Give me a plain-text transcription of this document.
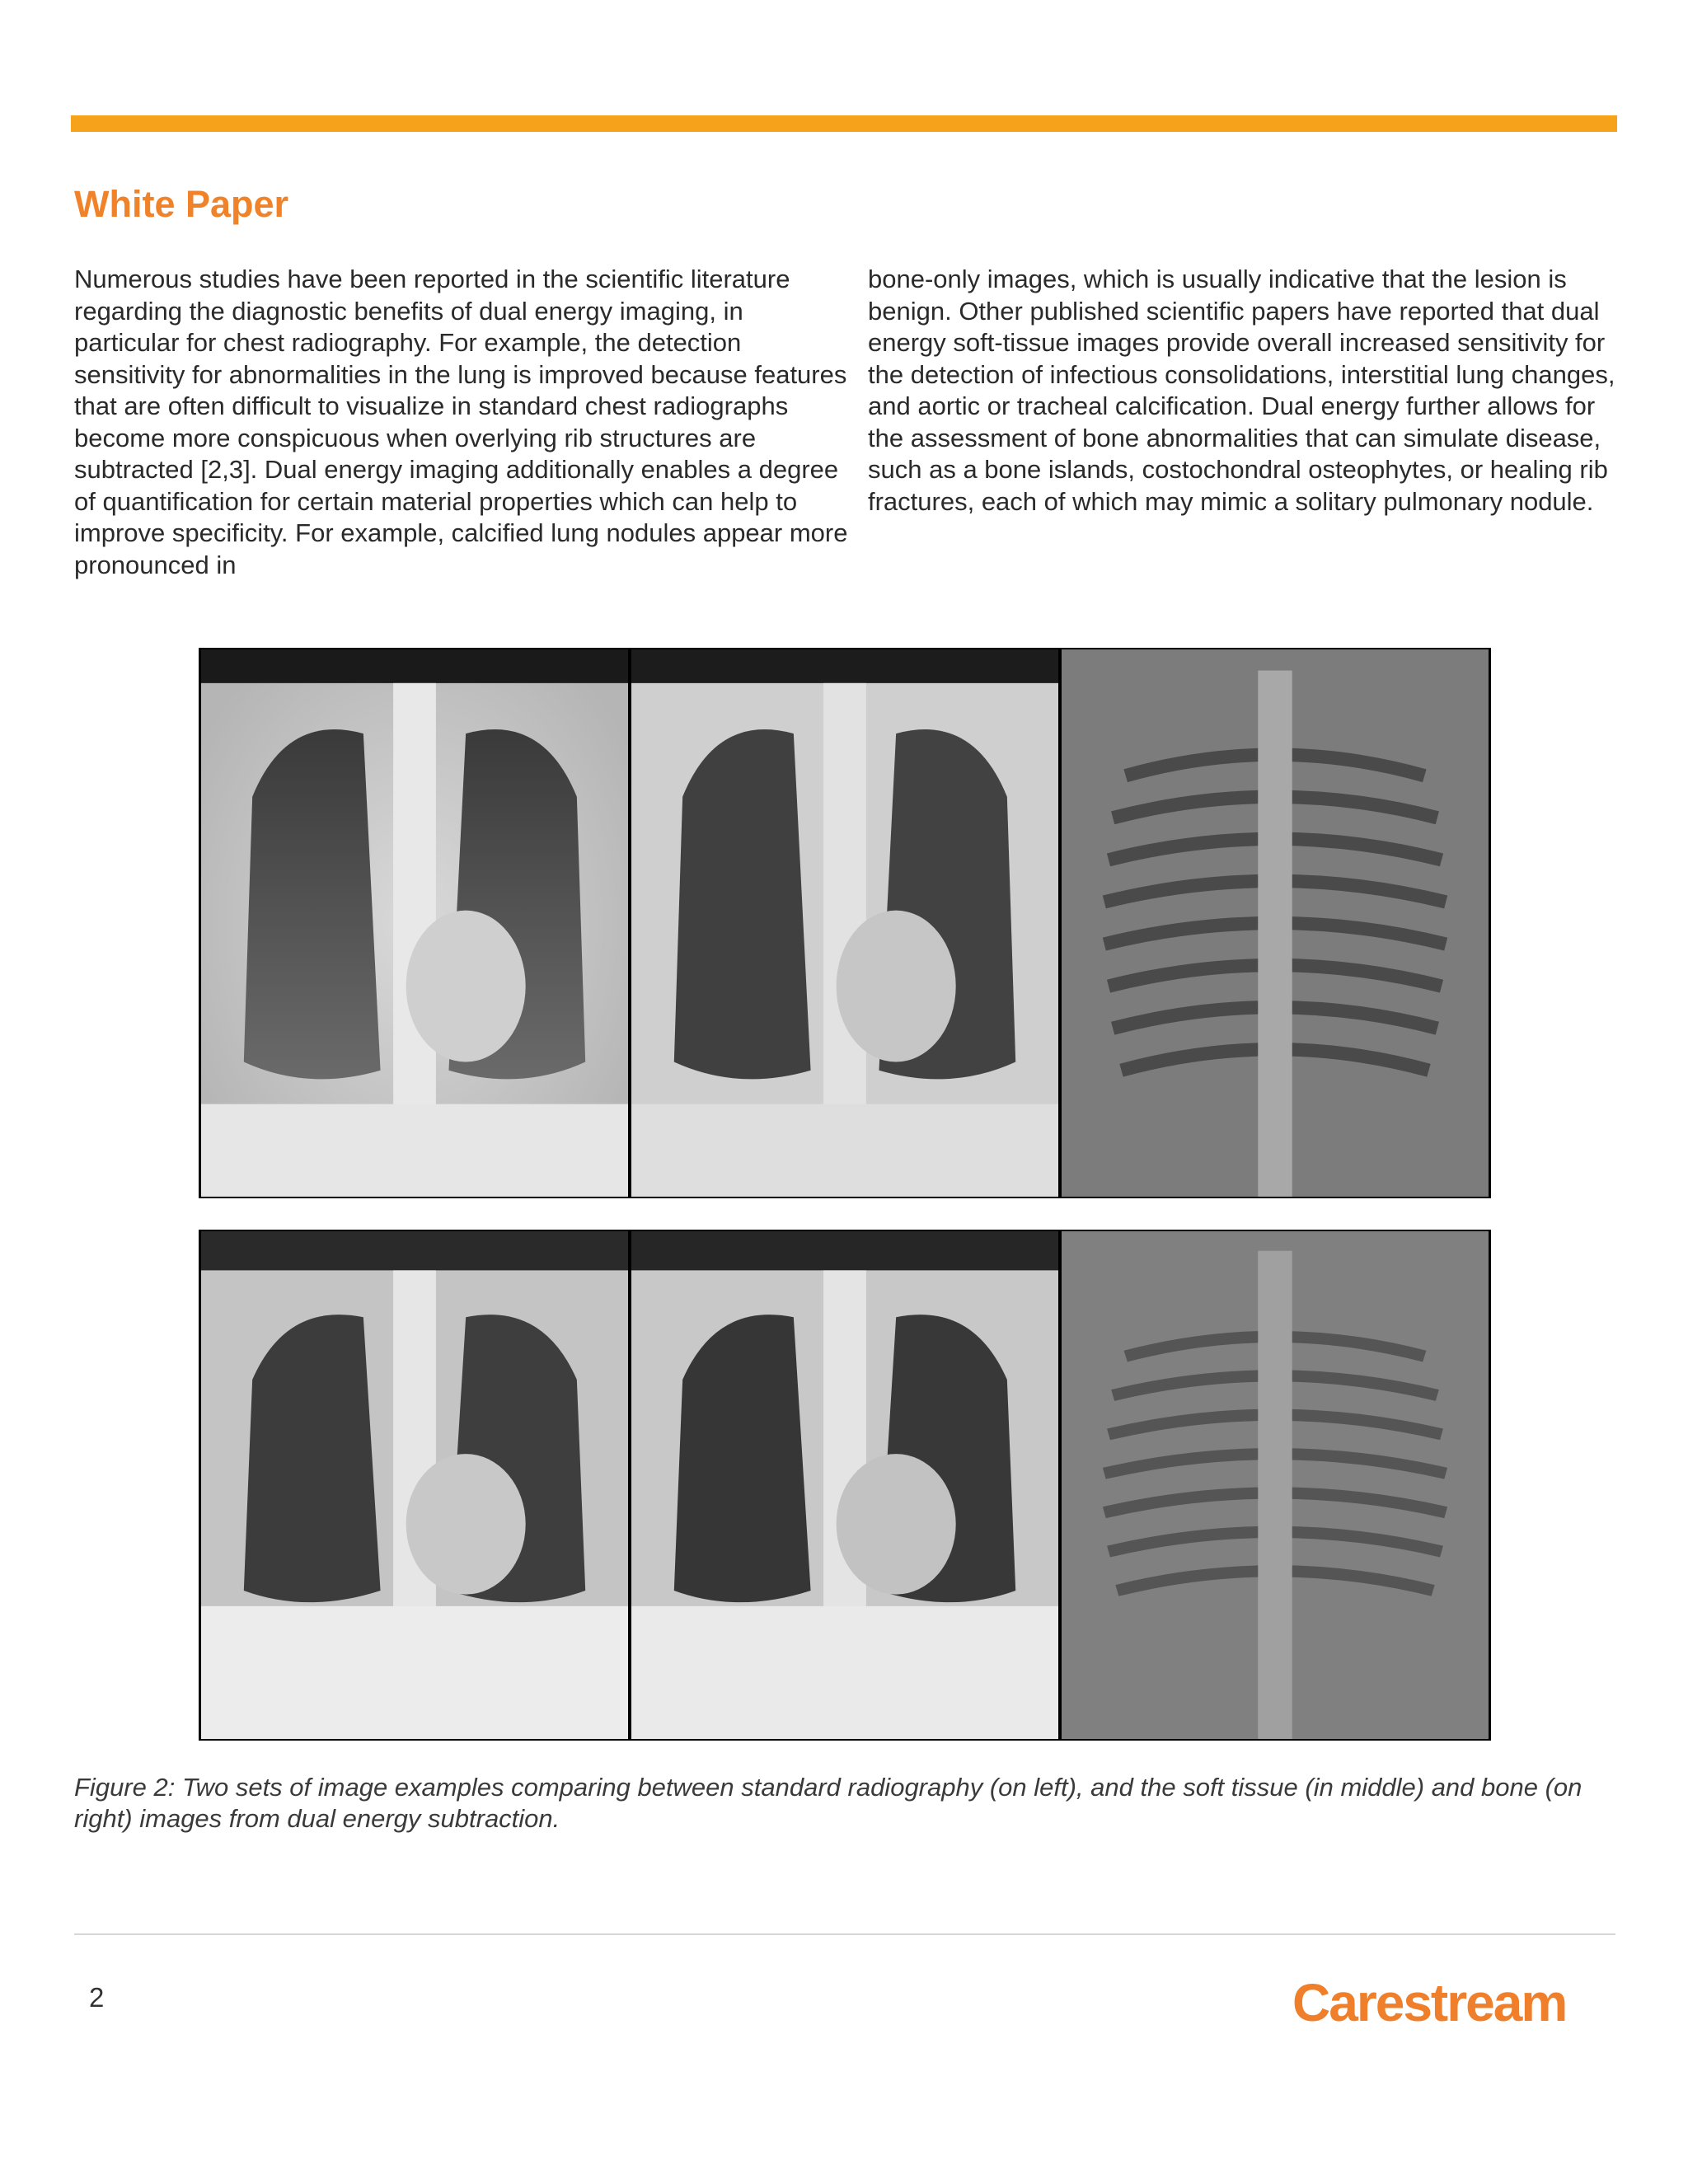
White Paper

Numerous studies have been reported in the scientific literature regarding the diagnostic benefits of dual energy imaging, in particular for chest radiography. For example, the detection sensitivity for abnormalities in the lung is improved because features that are often difficult to visualize in standard chest radiographs become more conspicuous when overlying rib structures are subtracted [2,3]. Dual energy imaging additionally enables a degree of quantification for certain material properties which can help to improve specificity. For example, calcified lung nodules appear more pronounced in

bone-only images, which is usually indicative that the lesion is benign. Other published scientific papers have reported that dual energy soft-tissue images provide overall increased sensitivity for the detection of infectious consolidations, interstitial lung changes, and aortic or tracheal calcification. Dual energy further allows for the assessment of bone abnormalities that can simulate disease, such as a bone islands, costochondral osteophytes, or healing rib fractures, each of which may mimic a solitary pulmonary nodule.

Figure 2: Two sets of image examples comparing between standard radiography (on left), and the soft tissue (in middle) and bone (on right) images from dual energy subtraction.

2	Carestream
